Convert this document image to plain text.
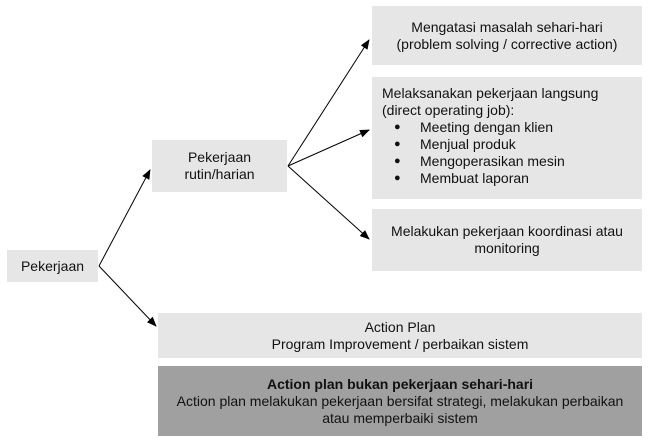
Pekerjaan
Pekerjaan
rutin/harian
Mengatasi masalah sehari-hari
(problem solving / corrective action)
Melaksanakan pekerjaan langsung
(direct operating job):
● Meeting dengan klien
● Menjual produk
● Mengoperasikan mesin
● Membuat laporan
Melakukan pekerjaan koordinasi atau
monitoring
Action Plan
Program Improvement / perbaikan sistem
Action plan bukan pekerjaan sehari-hari
Action plan melakukan pekerjaan bersifat strategi, melakukan perbaikan
atau memperbaiki sistem
